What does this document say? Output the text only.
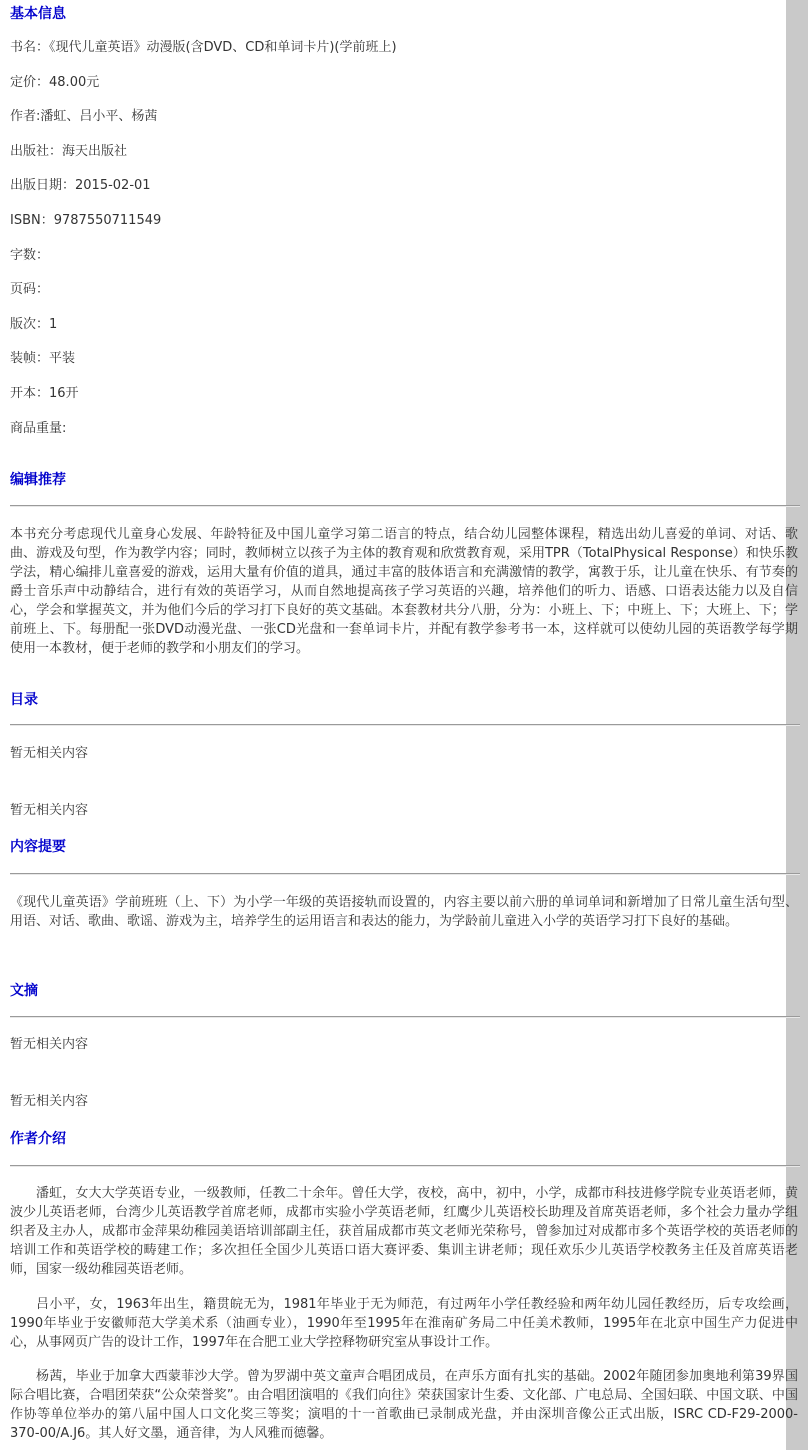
基本信息
书名：《现代儿童英语》动漫版(含DVD、CD和单词卡片)(学前班上)
定价：48.00元
作者:潘虹、吕小平、杨茜
出版社：海天出版社
出版日期：2015-02-01
ISBN：9787550711549
字数：
页码：
版次：1
装帧：平装
开本：16开
商品重量:
编辑推荐

本书充分考虑现代儿童身心发展、年龄特征及中国儿童学习第二语言的特点，结合幼儿园整体课程，精选出幼儿喜爱的单词、对话、歌曲、游戏及句型，作为教学内容；同时，教师树立以孩子为主体的教育观和欣赏教育观，采用TPR（TotalPhysical Response）和快乐教学法，精心编排儿童喜爱的游戏，运用大量有价值的道具，通过丰富的肢体语言和充满激情的教学，寓教于乐，让儿童在快乐、有节奏的爵士音乐声中动静结合，进行有效的英语学习，从而自然地提高孩子学习英语的兴趣，培养他们的听力、语感、口语表达能力以及自信心，学会和掌握英文，并为他们今后的学习打下良好的英文基础。本套教材共分八册，分为：小班上、下；中班上、下；大班上、下；学前班上、下。每册配一张DVD动漫光盘、一张CD光盘和一套单词卡片，并配有教学参考书一本，这样就可以使幼儿园的英语教学每学期使用一本教材，便于老师的教学和小朋友们的学习。

目录
暂无相关内容
暂无相关内容
内容提要

《现代儿童英语》学前班班（上、下）为小学一年级的英语接轨而设置的，内容主要以前六册的单词单词和新增加了日常儿童生活句型、用语、对话、歌曲、歌谣、游戏为主，培养学生的运用语言和表达的能力，为学龄前儿童进入小学的英语学习打下良好的基础。

文摘
暂无相关内容
暂无相关内容
作者介绍

潘虹，女大大学英语专业，一级教师，任教二十余年。曾任大学，夜校，高中，初中，小学，成都市科技进修学院专业英语老师，黄波少儿英语老师，台湾少儿英语教学首席老师，成都市实验小学英语老师，红鹰少儿英语校长助理及首席英语老师，多个社会力量办学组织者及主办人，成都市金萍果幼稚园美语培训部副主任，获首届成都市英文老师光荣称号，曾参加过对成都市多个英语学校的英语老师的培训工作和英语学校的畴建工作；多次担任全国少儿英语口语大赛评委、集训主讲老师；现任欢乐少儿英语学校教务主任及首席英语老师，国家一级幼稚园英语老师。

吕小平，女，1963年出生，籍贯皖无为，1981年毕业于无为师范，有过两年小学任教经验和两年幼儿园任教经历，后专攻绘画，1990年毕业于安徽师范大学美术系（油画专业），1990年至1995年在淮南矿务局二中任美术教师，1995年在北京中国生产力促进中心，从事网页广告的设计工作，1997年在合肥工业大学控释物研究室从事设计工作。

杨茜，毕业于加拿大西蒙菲沙大学。曾为罗湖中英文童声合唱团成员，在声乐方面有扎实的基础。2002年随团参加奥地利第39界国际合唱比赛，合唱团荣获“公众荣誉奖”。由合唱团演唱的《我们向往》荣获国家计生委、文化部、广电总局、全国妇联、中国文联、中国作协等单位举办的第八届中国人口文化奖三等奖；演唱的十一首歌曲已录制成光盘，并由深圳音像公正式出版，ISRC CD-F29-2000-370-00/A.J6。其人好文墨，通音律，为人风雅而德馨。
